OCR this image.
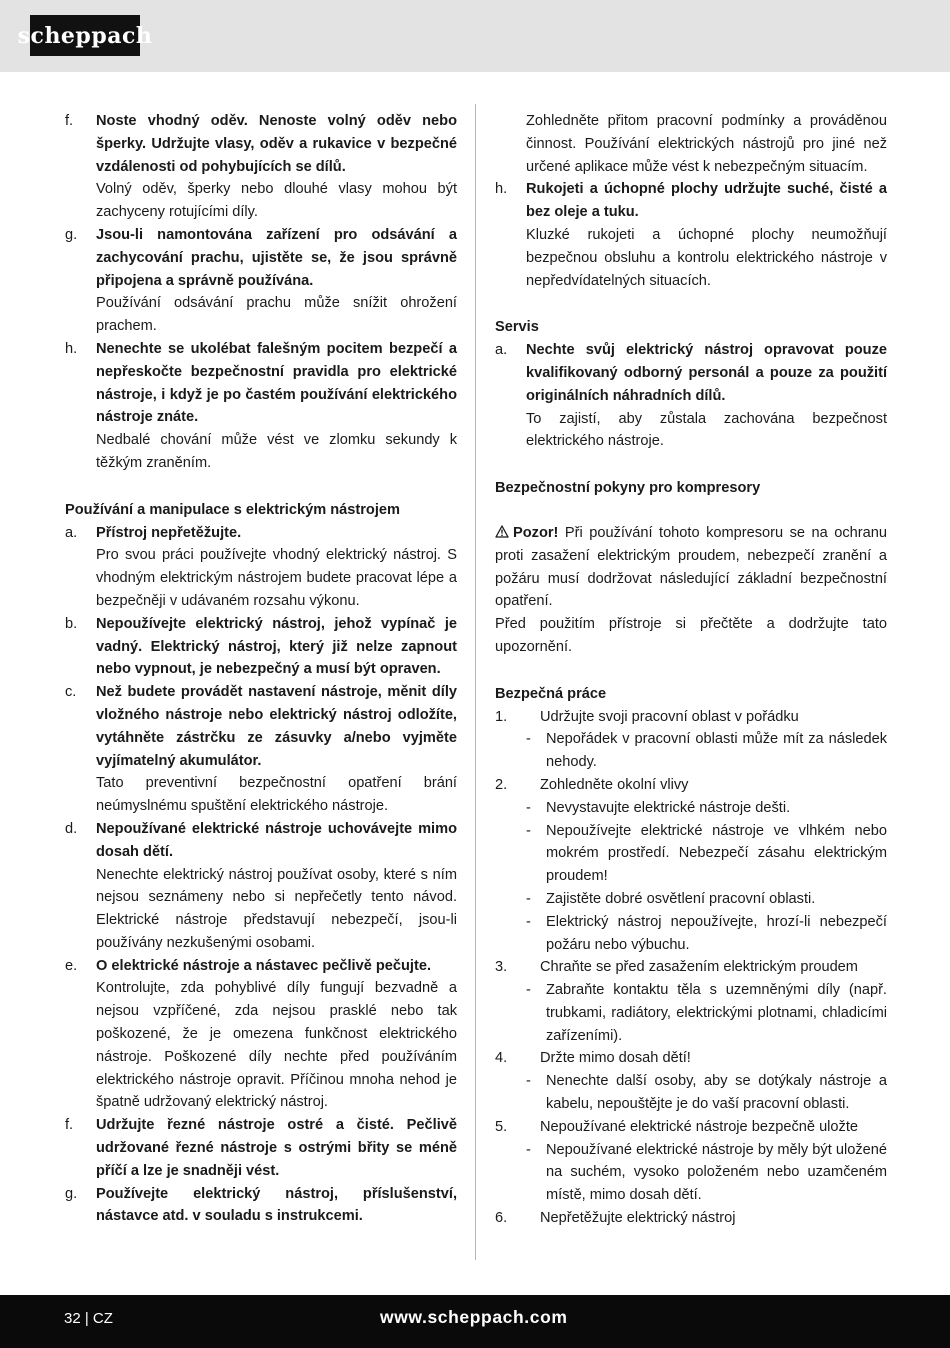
scheppach
f. Noste vhodný oděv. Nenoste volný oděv nebo šperky. Udržujte vlasy, oděv a rukavice v bezpečné vzdálenosti od pohybujících se dílů.
Volný oděv, šperky nebo dlouhé vlasy mohou být zachyceny rotujícími díly.
g. Jsou-li namontována zařízení pro odsávání a zachycování prachu, ujistěte se, že jsou správně připojena a správně používána.
Používání odsávání prachu může snížit ohrožení prachem.
h. Nenechte se ukolébat falešným pocitem bezpečí a nepřeskočte bezpečnostní pravidla pro elektrické nástroje, i když je po častém používání elektrického nástroje znáte.
Nedbalé chování může vést ve zlomku sekundy k těžkým zraněním.
Používání a manipulace s elektrickým nástrojem
a. Přístroj nepřetěžujte.
Pro svou práci používejte vhodný elektrický nástroj. S vhodným elektrickým nástrojem budete pracovat lépe a bezpečněji v udávaném rozsahu výkonu.
b. Nepoužívejte elektrický nástroj, jehož vypínač je vadný. Elektrický nástroj, který již nelze zapnout nebo vypnout, je nebezpečný a musí být opraven.
c. Než budete provádět nastavení nástroje, měnit díly vložného nástroje nebo elektrický nástroj odložíte, vytáhněte zástrčku ze zásuvky a/nebo vyjměte vyjímatelný akumulátor.
Tato preventivní bezpečnostní opatření brání neúmyslnému spuštění elektrického nástroje.
d. Nepoužívané elektrické nástroje uchovávejte mimo dosah dětí.
Nenechte elektrický nástroj používat osoby, které s ním nejsou seznámeny nebo si nepřečetly tento návod. Elektrické nástroje představují nebezpečí, jsou-li používány nezkušenými osobami.
e. O elektrické nástroje a nástavec pečlivě pečujte.
Kontrolujte, zda pohyblivé díly fungují bezvadně a nejsou vzpříčené, zda nejsou prasklé nebo tak poškozené, že je omezena funkčnost elektrického nástroje. Poškozené díly nechte před používáním elektrického nástroje opravit. Příčinou mnoha nehod je špatně udržovaný elektrický nástroj.
f. Udržujte řezné nástroje ostré a čisté. Pečlivě udržované řezné nástroje s ostrými břity se méně příčí a lze je snadněji vést.
g. Používejte elektrický nástroj, příslušenství, nástavce atd. v souladu s instrukcemi.
Zohledněte přitom pracovní podmínky a prováděnou činnost. Používání elektrických nástrojů pro jiné než určené aplikace může vést k nebezpečným situacím.
h. Rukojeti a úchopné plochy udržujte suché, čisté a bez oleje a tuku.
Kluzké rukojeti a úchopné plochy neumožňují bezpečnou obsluhu a kontrolu elektrického nástroje v nepředvídatelných situacích.
Servis
a. Nechte svůj elektrický nástroj opravovat pouze kvalifikovaný odborný personál a pouze za použití originálních náhradních dílů.
To zajistí, aby zůstala zachována bezpečnost elektrického nástroje.
Bezpečnostní pokyny pro kompresory
Pozor! Při používání tohoto kompresoru se na ochranu proti zasažení elektrickým proudem, nebezpečí zranění a požáru musí dodržovat následující základní bezpečnostní opatření.
Před použitím přístroje si přečtěte a dodržujte tato upozornění.
Bezpečná práce
1. Udržujte svoji pracovní oblast v pořádku
- Nepořádek v pracovní oblasti může mít za následek nehody.
2. Zohledněte okolní vlivy
- Nevystavujte elektrické nástroje dešti.
- Nepoužívejte elektrické nástroje ve vlhkém nebo mokrém prostředí. Nebezpečí zásahu elektrickým proudem!
- Zajistěte dobré osvětlení pracovní oblasti.
- Elektrický nástroj nepoužívejte, hrozí-li nebezpečí požáru nebo výbuchu.
3. Chraňte se před zasažením elektrickým proudem
- Zabraňte kontaktu těla s uzemněnými díly (např. trubkami, radiátory, elektrickými plotnami, chladicími zařízeními).
4. Držte mimo dosah dětí!
- Nenechte další osoby, aby se dotýkaly nástroje a kabelu, nepouštějte je do vaší pracovní oblasti.
5. Nepoužívané elektrické nástroje bezpečně uložte
- Nepoužívané elektrické nástroje by měly být uložené na suchém, vysoko položeném nebo uzamčeném místě, mimo dosah dětí.
6. Nepřetěžujte elektrický nástroj
32 | CZ	www.scheppach.com
